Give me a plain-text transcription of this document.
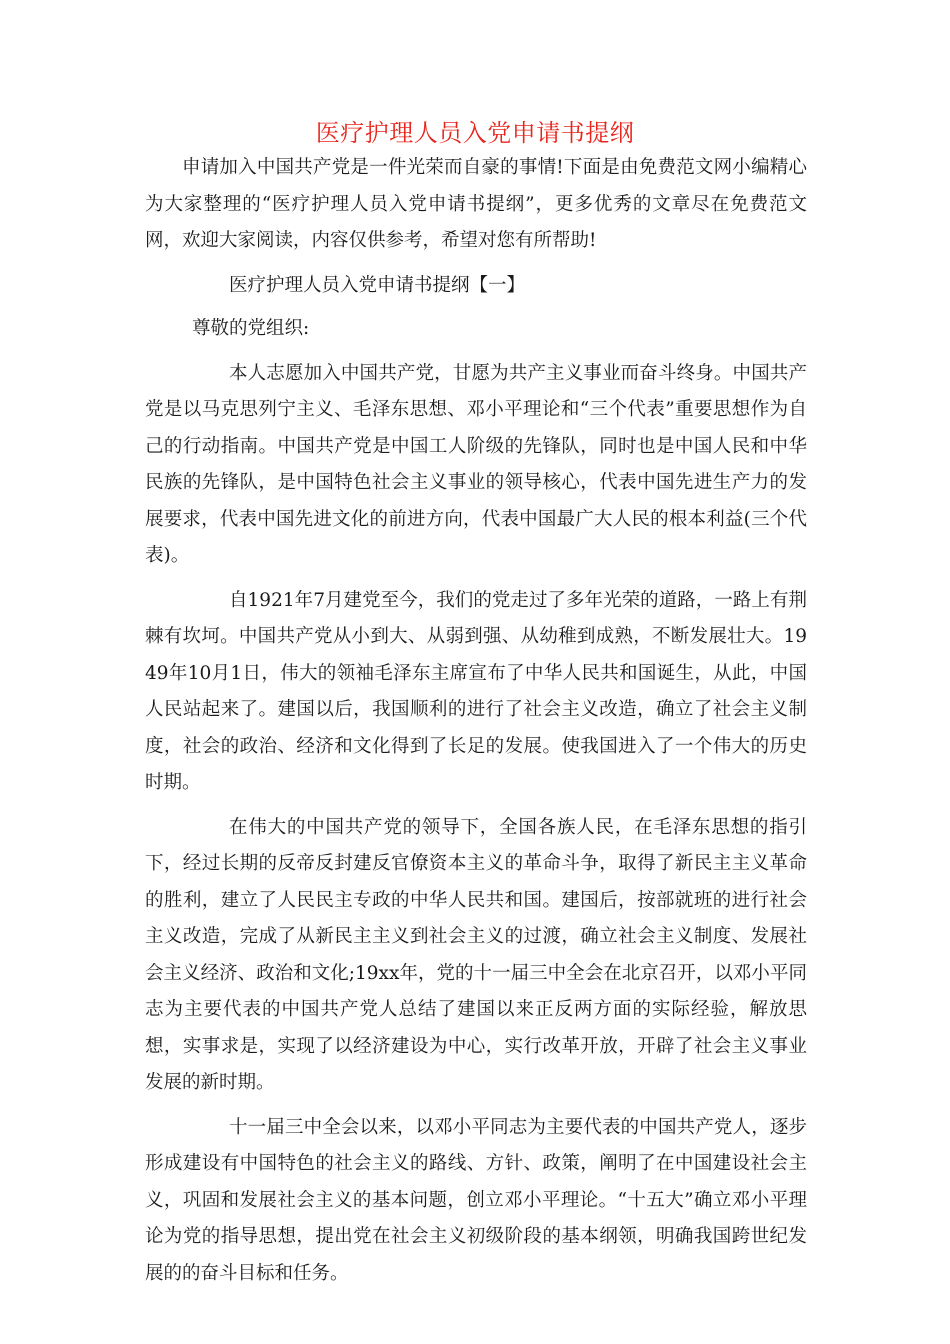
医疗护理人员入党申请书提纲

申请加入中国共产党是一件光荣而自豪的事情!下面是由免费范文网小编精心为大家整理的“医疗护理人员入党申请书提纲”，更多优秀的文章尽在免费范文网，欢迎大家阅读，内容仅供参考，希望对您有所帮助!

医疗护理人员入党申请书提纲【一】

尊敬的党组织:

本人志愿加入中国共产党，甘愿为共产主义事业而奋斗终身。中国共产党是以马克思列宁主义、毛泽东思想、邓小平理论和“三个代表”重要思想作为自己的行动指南。中国共产党是中国工人阶级的先锋队，同时也是中国人民和中华民族的先锋队，是中国特色社会主义事业的领导核心，代表中国先进生产力的发展要求，代表中国先进文化的前进方向，代表中国最广大人民的根本利益(三个代表)。

自1921年7月建党至今，我们的党走过了多年光荣的道路，一路上有荆棘有坎坷。中国共产党从小到大、从弱到强、从幼稚到成熟，不断发展壮大。1949年10月1日，伟大的领袖毛泽东主席宣布了中华人民共和国诞生，从此，中国人民站起来了。建国以后，我国顺利的进行了社会主义改造，确立了社会主义制度，社会的政治、经济和文化得到了长足的发展。使我国进入了一个伟大的历史时期。

在伟大的中国共产党的领导下，全国各族人民，在毛泽东思想的指引下，经过长期的反帝反封建反官僚资本主义的革命斗争，取得了新民主主义革命的胜利，建立了人民民主专政的中华人民共和国。建国后，按部就班的进行社会主义改造，完成了从新民主主义到社会主义的过渡，确立社会主义制度、发展社会主义经济、政治和文化;19xx年，党的十一届三中全会在北京召开，以邓小平同志为主要代表的中国共产党人总结了建国以来正反两方面的实际经验，解放思想，实事求是，实现了以经济建设为中心，实行改革开放，开辟了社会主义事业发展的新时期。

十一届三中全会以来，以邓小平同志为主要代表的中国共产党人，逐步形成建设有中国特色的社会主义的路线、方针、政策，阐明了在中国建设社会主义，巩固和发展社会主义的基本问题，创立邓小平理论。“十五大”确立邓小平理论为党的指导思想，提出党在社会主义初级阶段的基本纲领，明确我国跨世纪发展的的奋斗目标和任务。
